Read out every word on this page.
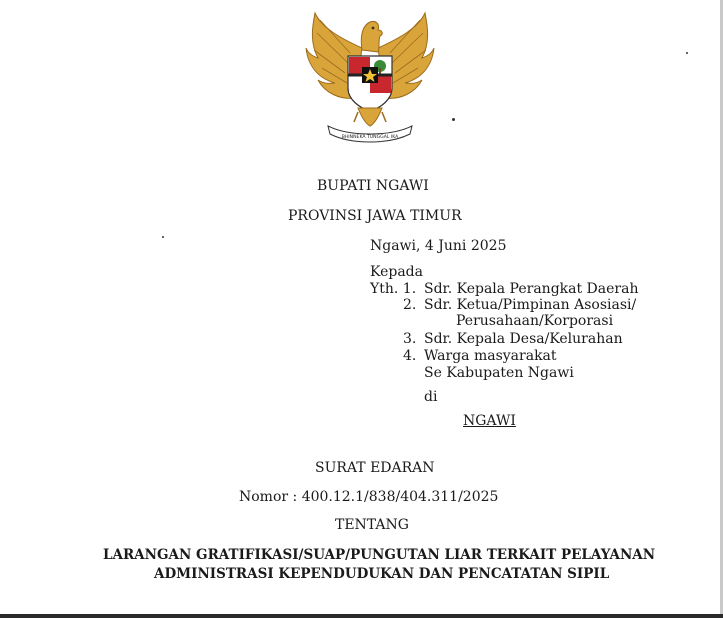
BHINNEKA TUNGGAL IKA
BUPATI NGAWI
PROVINSI JAWA TIMUR
Ngawi, 4 Juni 2025
Kepada
Yth. 1. Sdr. Kepala Perangkat Daerah
2. Sdr. Ketua/Pimpinan Asosiasi/
Perusahaan/Korporasi
3. Sdr. Kepala Desa/Kelurahan
4. Warga masyarakat
Se Kabupaten Ngawi
di
NGAWI
SURAT EDARAN
Nomor : 400.12.1/838/404.311/2025
TENTANG
LARANGAN GRATIFIKASI/SUAP/PUNGUTAN LIAR TERKAIT PELAYANAN
ADMINISTRASI KEPENDUDUKAN DAN PENCATATAN SIPIL
